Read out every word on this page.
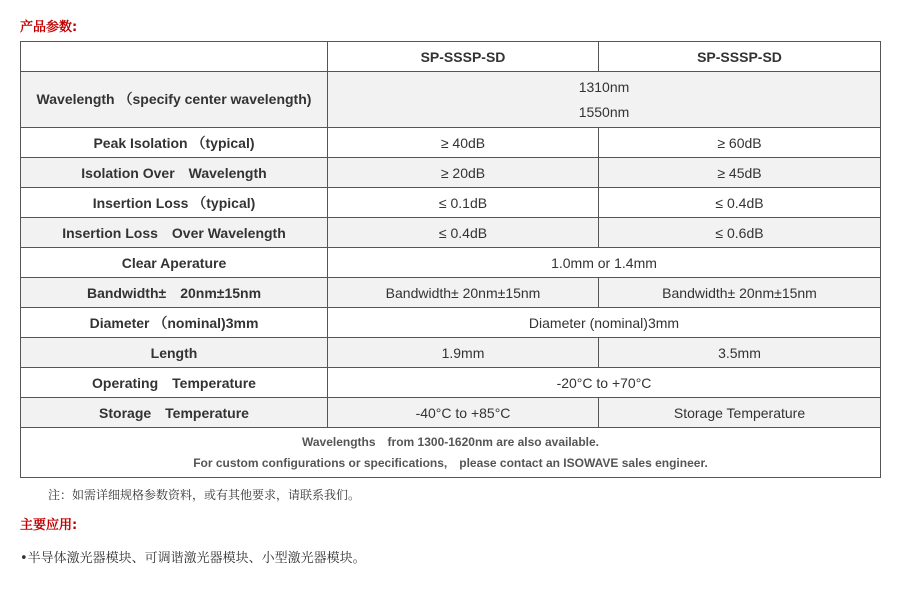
产品参数:
	SP-SSSP-SD	SP-SSSP-SD

Wavelength （specify center wavelength)	1310nm
1550nm	

Peak Isolation （typical)	≥ 40dB	≥ 60dB
Isolation Over　Wavelength	≥ 20dB	≥ 45dB
Insertion Loss （typical)	≤ 0.1dB	≤ 0.4dB
Insertion Loss　Over Wavelength	≤ 0.4dB	≤ 0.6dB
Clear Aperature	1.0mm or 1.4mm	
Bandwidth±　20nm±15nm	Bandwidth± 20nm±15nm	Bandwidth± 20nm±15nm
Diameter （nominal)3mm	Diameter (nominal)3mm	
Length	1.9mm	3.5mm
Operating　Temperature	-20°C to +70°C	
Storage　Temperature	-40°C to +85°C	Storage Temperature

Wavelengths　from 1300-1620nm are also available.
For custom configurations or specifications,　please contact an ISOWAVE sales engineer.		
注：如需详细规格参数资料，或有其他要求，请联系我们。
主要应用:
•半导体激光器模块、可调谐激光器模块、小型激光器模块。
